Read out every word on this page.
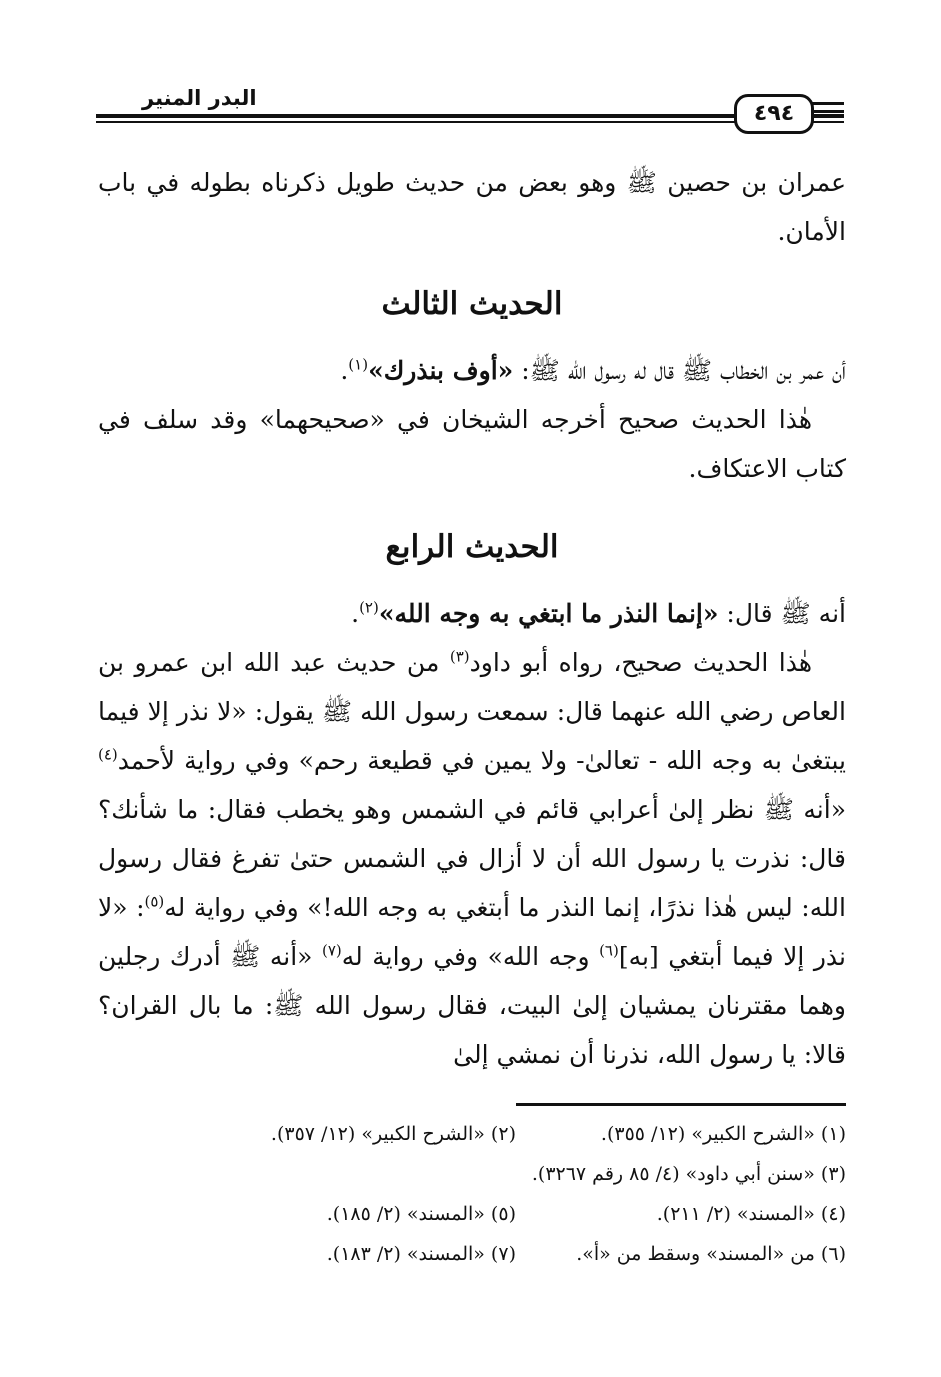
البدر المنير
٤٩٤

عمران بن حصين ﷺ وهو بعض من حديث طويل ذكرناه بطوله في باب الأمان.

الحديث الثالث

أن عمر بن الخطاب ﷺ قال له رسول الله ﷺ: «أوف بنذرك»$^{(١)}$.

هٰذا الحديث صحيح أخرجه الشيخان في «صحيحهما» وقد سلف في كتاب الاعتكاف.

الحديث الرابع

أنه ﷺ قال: «إنما النذر ما ابتغي به وجه الله»$^{(٢)}$.

هٰذا الحديث صحيح، رواه أبو داود$^{(٣)}$ من حديث عبد الله ابن عمرو بن العاص رضي الله عنهما قال: سمعت رسول الله ﷺ يقول: «لا نذر إلا فيما يبتغىٰ به وجه الله - تعالىٰ- ولا يمين في قطيعة رحم» وفي رواية لأحمد$^{(٤)}$ «أنه ﷺ نظر إلىٰ أعرابي قائم في الشمس وهو يخطب فقال: ما شأنك؟ قال: نذرت يا رسول الله أن لا أزال في الشمس حتىٰ تفرغ فقال رسول الله: ليس هٰذا نذرًا، إنما النذر ما أبتغي به وجه الله!» وفي رواية له$^{(٥)}$: «لا نذر إلا فيما أبتغي [به]$^{(٦)}$ وجه الله» وفي رواية له$^{(٧)}$ «أنه ﷺ أدرك رجلين وهما مقترنان يمشيان إلىٰ البيت، فقال رسول الله ﷺ: ما بال القران؟ قالا: يا رسول الله، نذرنا أن نمشي إلىٰ

(١) «الشرح الكبير» (١٢/ ٣٥٥).
(٢) «الشرح الكبير» (١٢/ ٣٥٧).
(٣) «سنن أبي داود» (٤/ ٨٥ رقم ٣٢٦٧).
(٤) «المسند» (٢/ ٢١١).
(٥) «المسند» (٢/ ١٨٥).
(٦) من «المسند» وسقط من «أ».
(٧) «المسند» (٢/ ١٨٣).
